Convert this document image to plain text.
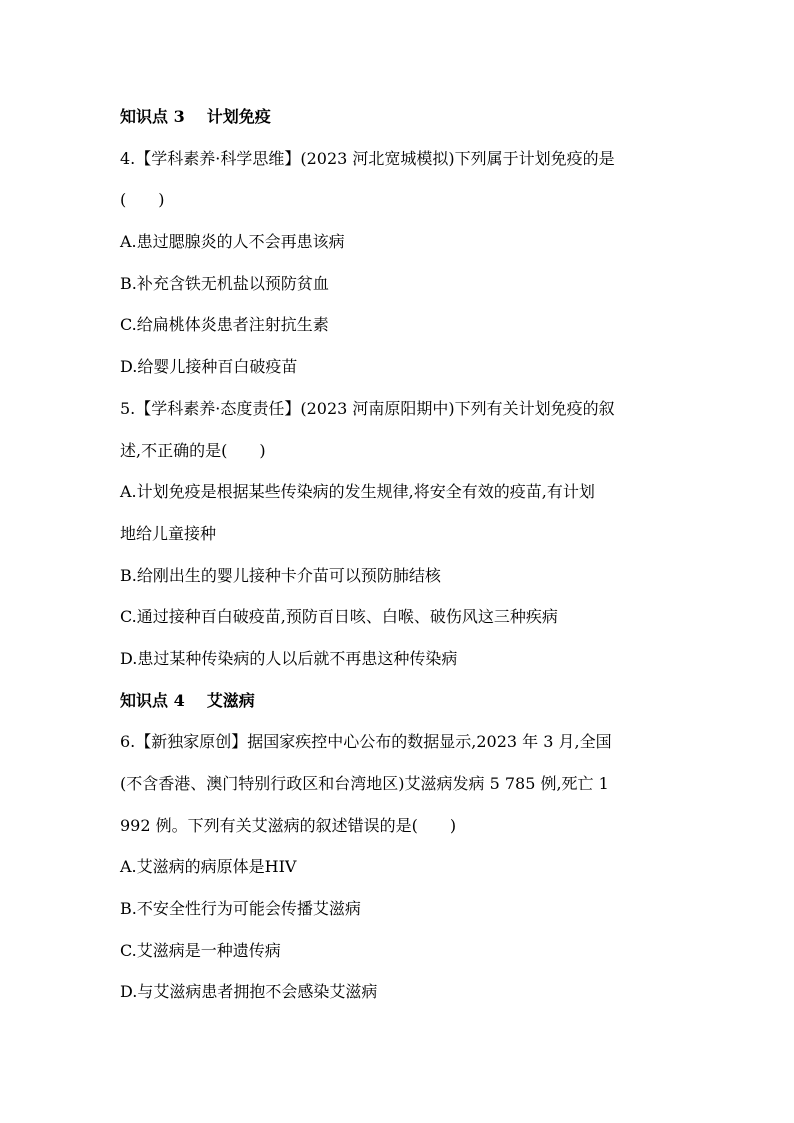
知识点 3 计划免疫
4.【学科素养·科学思维】(2023 河北宽城模拟)下列属于计划免疫的是
(　　)
A.患过腮腺炎的人不会再患该病
B.补充含铁无机盐以预防贫血
C.给扁桃体炎患者注射抗生素
D.给婴儿接种百白破疫苗
5.【学科素养·态度责任】(2023 河南原阳期中)下列有关计划免疫的叙
述,不正确的是(　　)
A.计划免疫是根据某些传染病的发生规律,将安全有效的疫苗,有计划
地给儿童接种
B.给刚出生的婴儿接种卡介苗可以预防肺结核
C.通过接种百白破疫苗,预防百日咳、白喉、破伤风这三种疾病
D.患过某种传染病的人以后就不再患这种传染病
知识点 4 艾滋病
6.【新独家原创】据国家疾控中心公布的数据显示,2023 年 3 月,全国
(不含香港、澳门特别行政区和台湾地区)艾滋病发病 5 785 例,死亡 1
992 例。下列有关艾滋病的叙述错误的是(　　)
A.艾滋病的病原体是HIV
B.不安全性行为可能会传播艾滋病
C.艾滋病是一种遗传病
D.与艾滋病患者拥抱不会感染艾滋病
